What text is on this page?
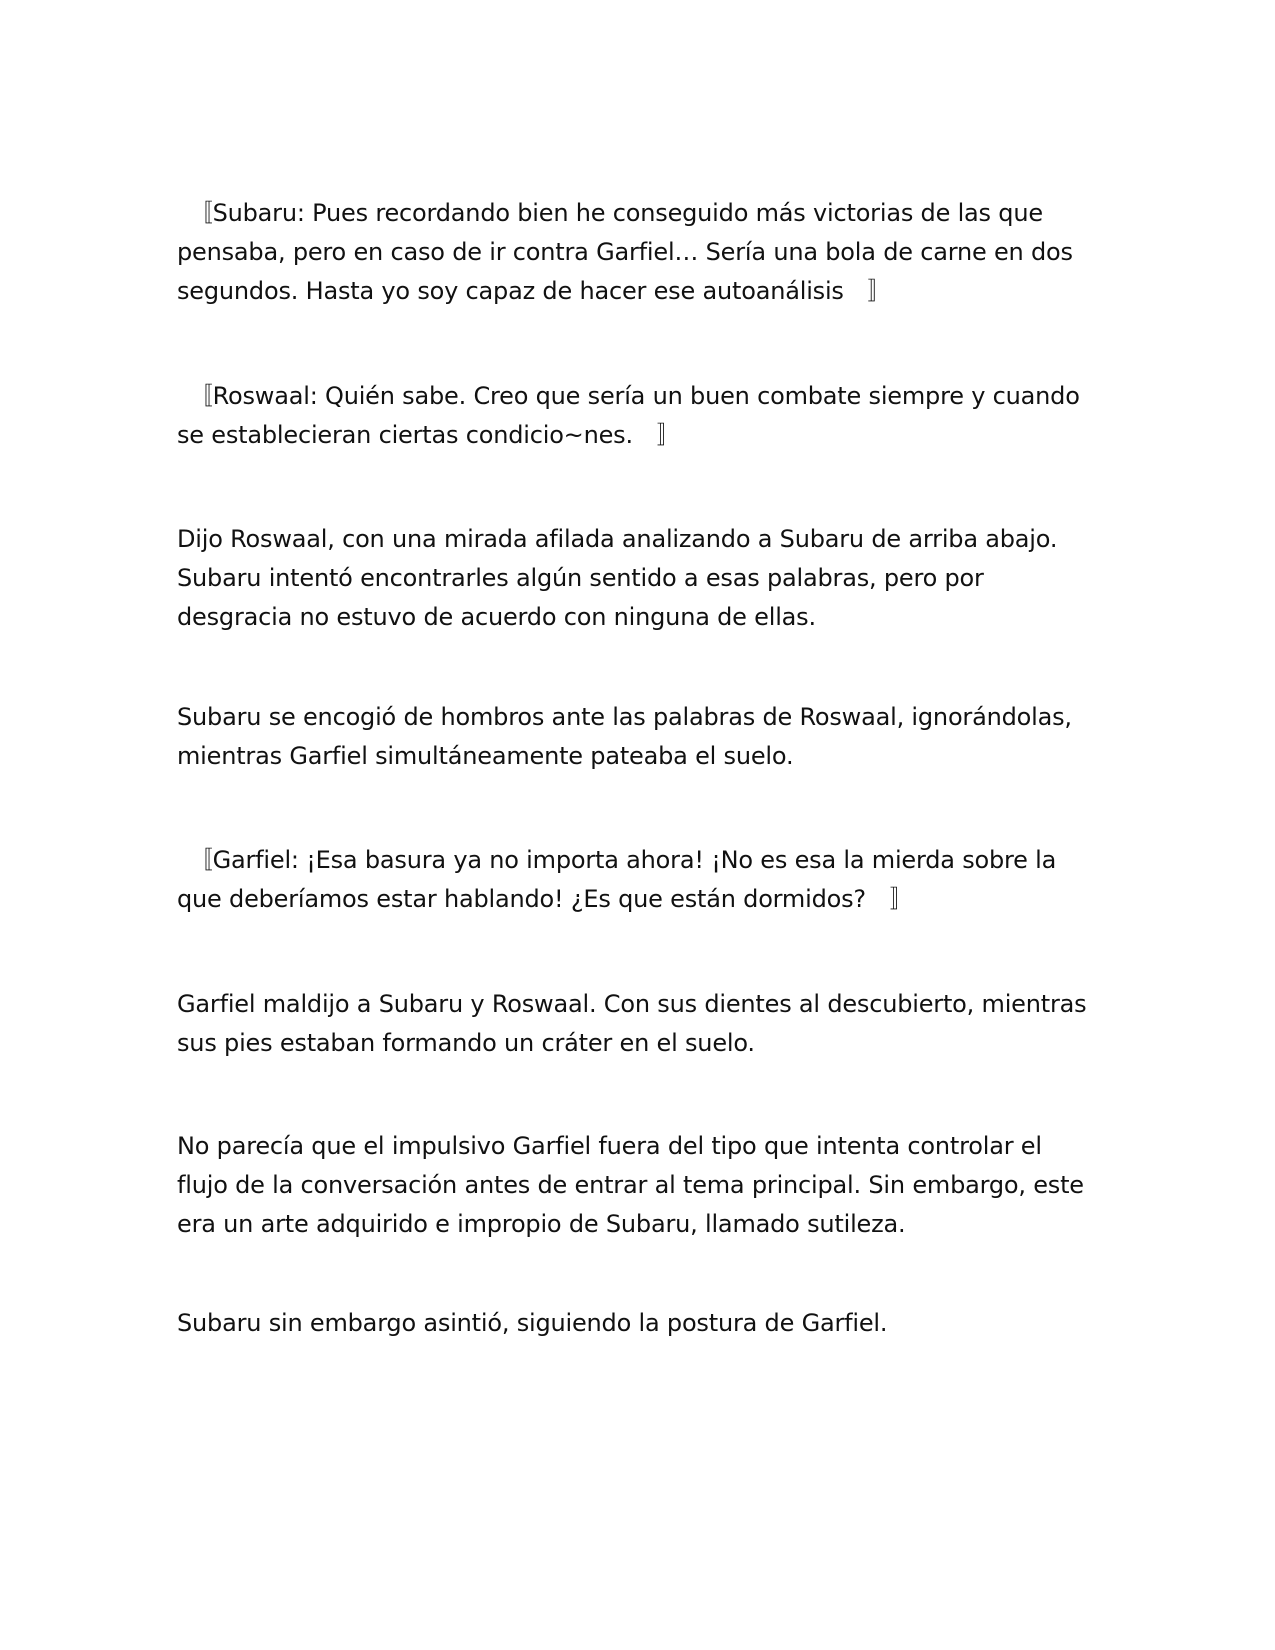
　〚Subaru: Pues recordando bien he conseguido más victorias de las que pensaba, pero en caso de ir contra Garfiel… Sería una bola de carne en dos segundos. Hasta yo soy capaz de hacer ese autoanálisis　〛

　〚Roswaal: Quién sabe. Creo que sería un buen combate siempre y cuando se establecieran ciertas condicio~nes.　〛

Dijo Roswaal, con una mirada afilada analizando a Subaru de arriba abajo. Subaru intentó encontrarles algún sentido a esas palabras, pero por desgracia no estuvo de acuerdo con ninguna de ellas.

Subaru se encogió de hombros ante las palabras de Roswaal, ignorándolas, mientras Garfiel simultáneamente pateaba el suelo.

　〚Garfiel: ¡Esa basura ya no importa ahora! ¡No es esa la mierda sobre la que deberíamos estar hablando! ¿Es que están dormidos?　〛

Garfiel maldijo a Subaru y Roswaal. Con sus dientes al descubierto, mientras sus pies estaban formando un cráter en el suelo.

No parecía que el impulsivo Garfiel fuera del tipo que intenta controlar el flujo de la conversación antes de entrar al tema principal. Sin embargo, este era un arte adquirido e impropio de Subaru, llamado sutileza.

Subaru sin embargo asintió, siguiendo la postura de Garfiel.
